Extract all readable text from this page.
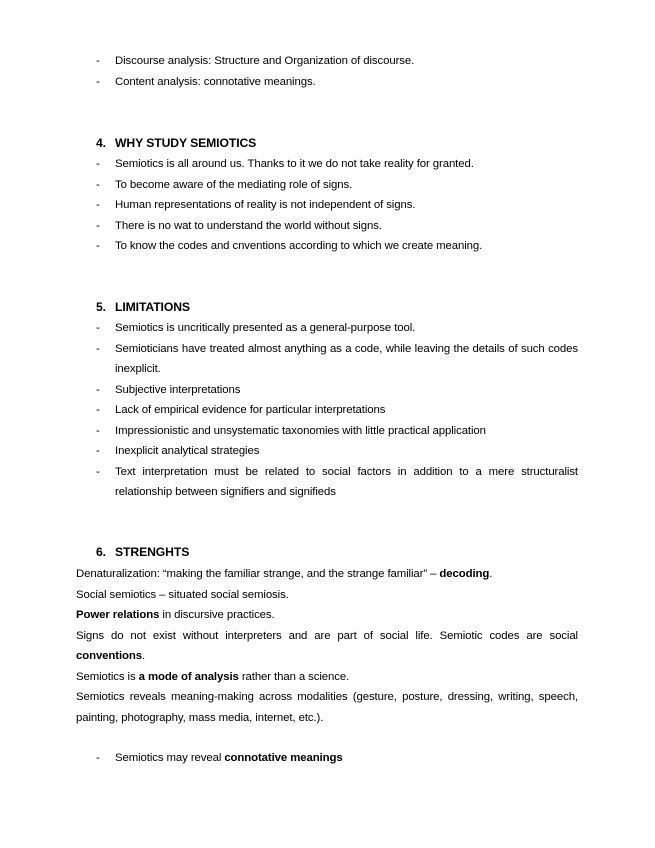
- Discourse analysis: Structure and Organization of discourse.
- Content analysis: connotative meanings.
4. WHY STUDY SEMIOTICS
- Semiotics is all around us. Thanks to it we do not take reality for granted.
- To become aware of the mediating role of signs.
- Human representations of reality is not independent of signs.
- There is no wat to understand the world without signs.
- To know the codes and cnventions according to which we create meaning.
5. LIMITATIONS
- Semiotics is uncritically presented as a general-purpose tool.
- Semioticians have treated almost anything as a code, while leaving the details of such codes inexplicit.
- Subjective interpretations
- Lack of empirical evidence for particular interpretations
- Impressionistic and unsystematic taxonomies with little practical application
- Inexplicit analytical strategies
- Text interpretation must be related to social factors in addition to a mere structuralist relationship between signifiers and signifieds
6. STRENGHTS
Denaturalization: “making the familiar strange, and the strange familiar” – decoding.
Social semiotics – situated social semiosis.
Power relations in discursive practices.
Signs do not exist without interpreters and are part of social life. Semiotic codes are social conventions.
Semiotics is a mode of analysis rather than a science.
Semiotics reveals meaning-making across modalities (gesture, posture, dressing, writing, speech, painting, photography, mass media, internet, etc.).
- Semiotics may reveal connotative meanings
